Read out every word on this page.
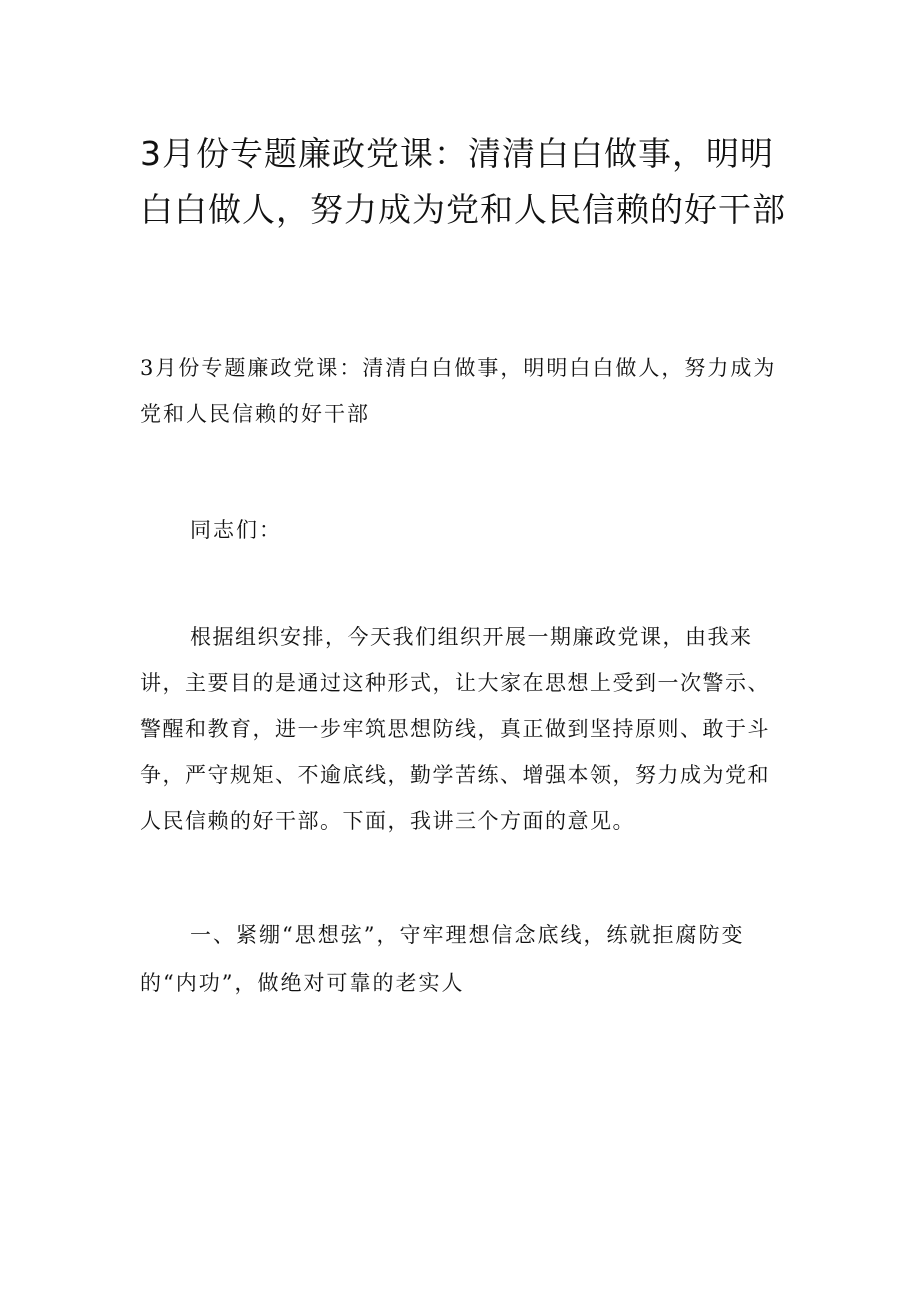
3月份专题廉政党课：清清白白做事，明明白白做人，努力成为党和人民信赖的好干部

3月份专题廉政党课：清清白白做事，明明白白做人，努力成为党和人民信赖的好干部

同志们：

根据组织安排，今天我们组织开展一期廉政党课，由我来讲，主要目的是通过这种形式，让大家在思想上受到一次警示、警醒和教育，进一步牢筑思想防线，真正做到坚持原则、敢于斗争，严守规矩、不逾底线，勤学苦练、增强本领，努力成为党和人民信赖的好干部。下面，我讲三个方面的意见。

一、紧绷“思想弦”，守牢理想信念底线，练就拒腐防变的“内功”，做绝对可靠的老实人
